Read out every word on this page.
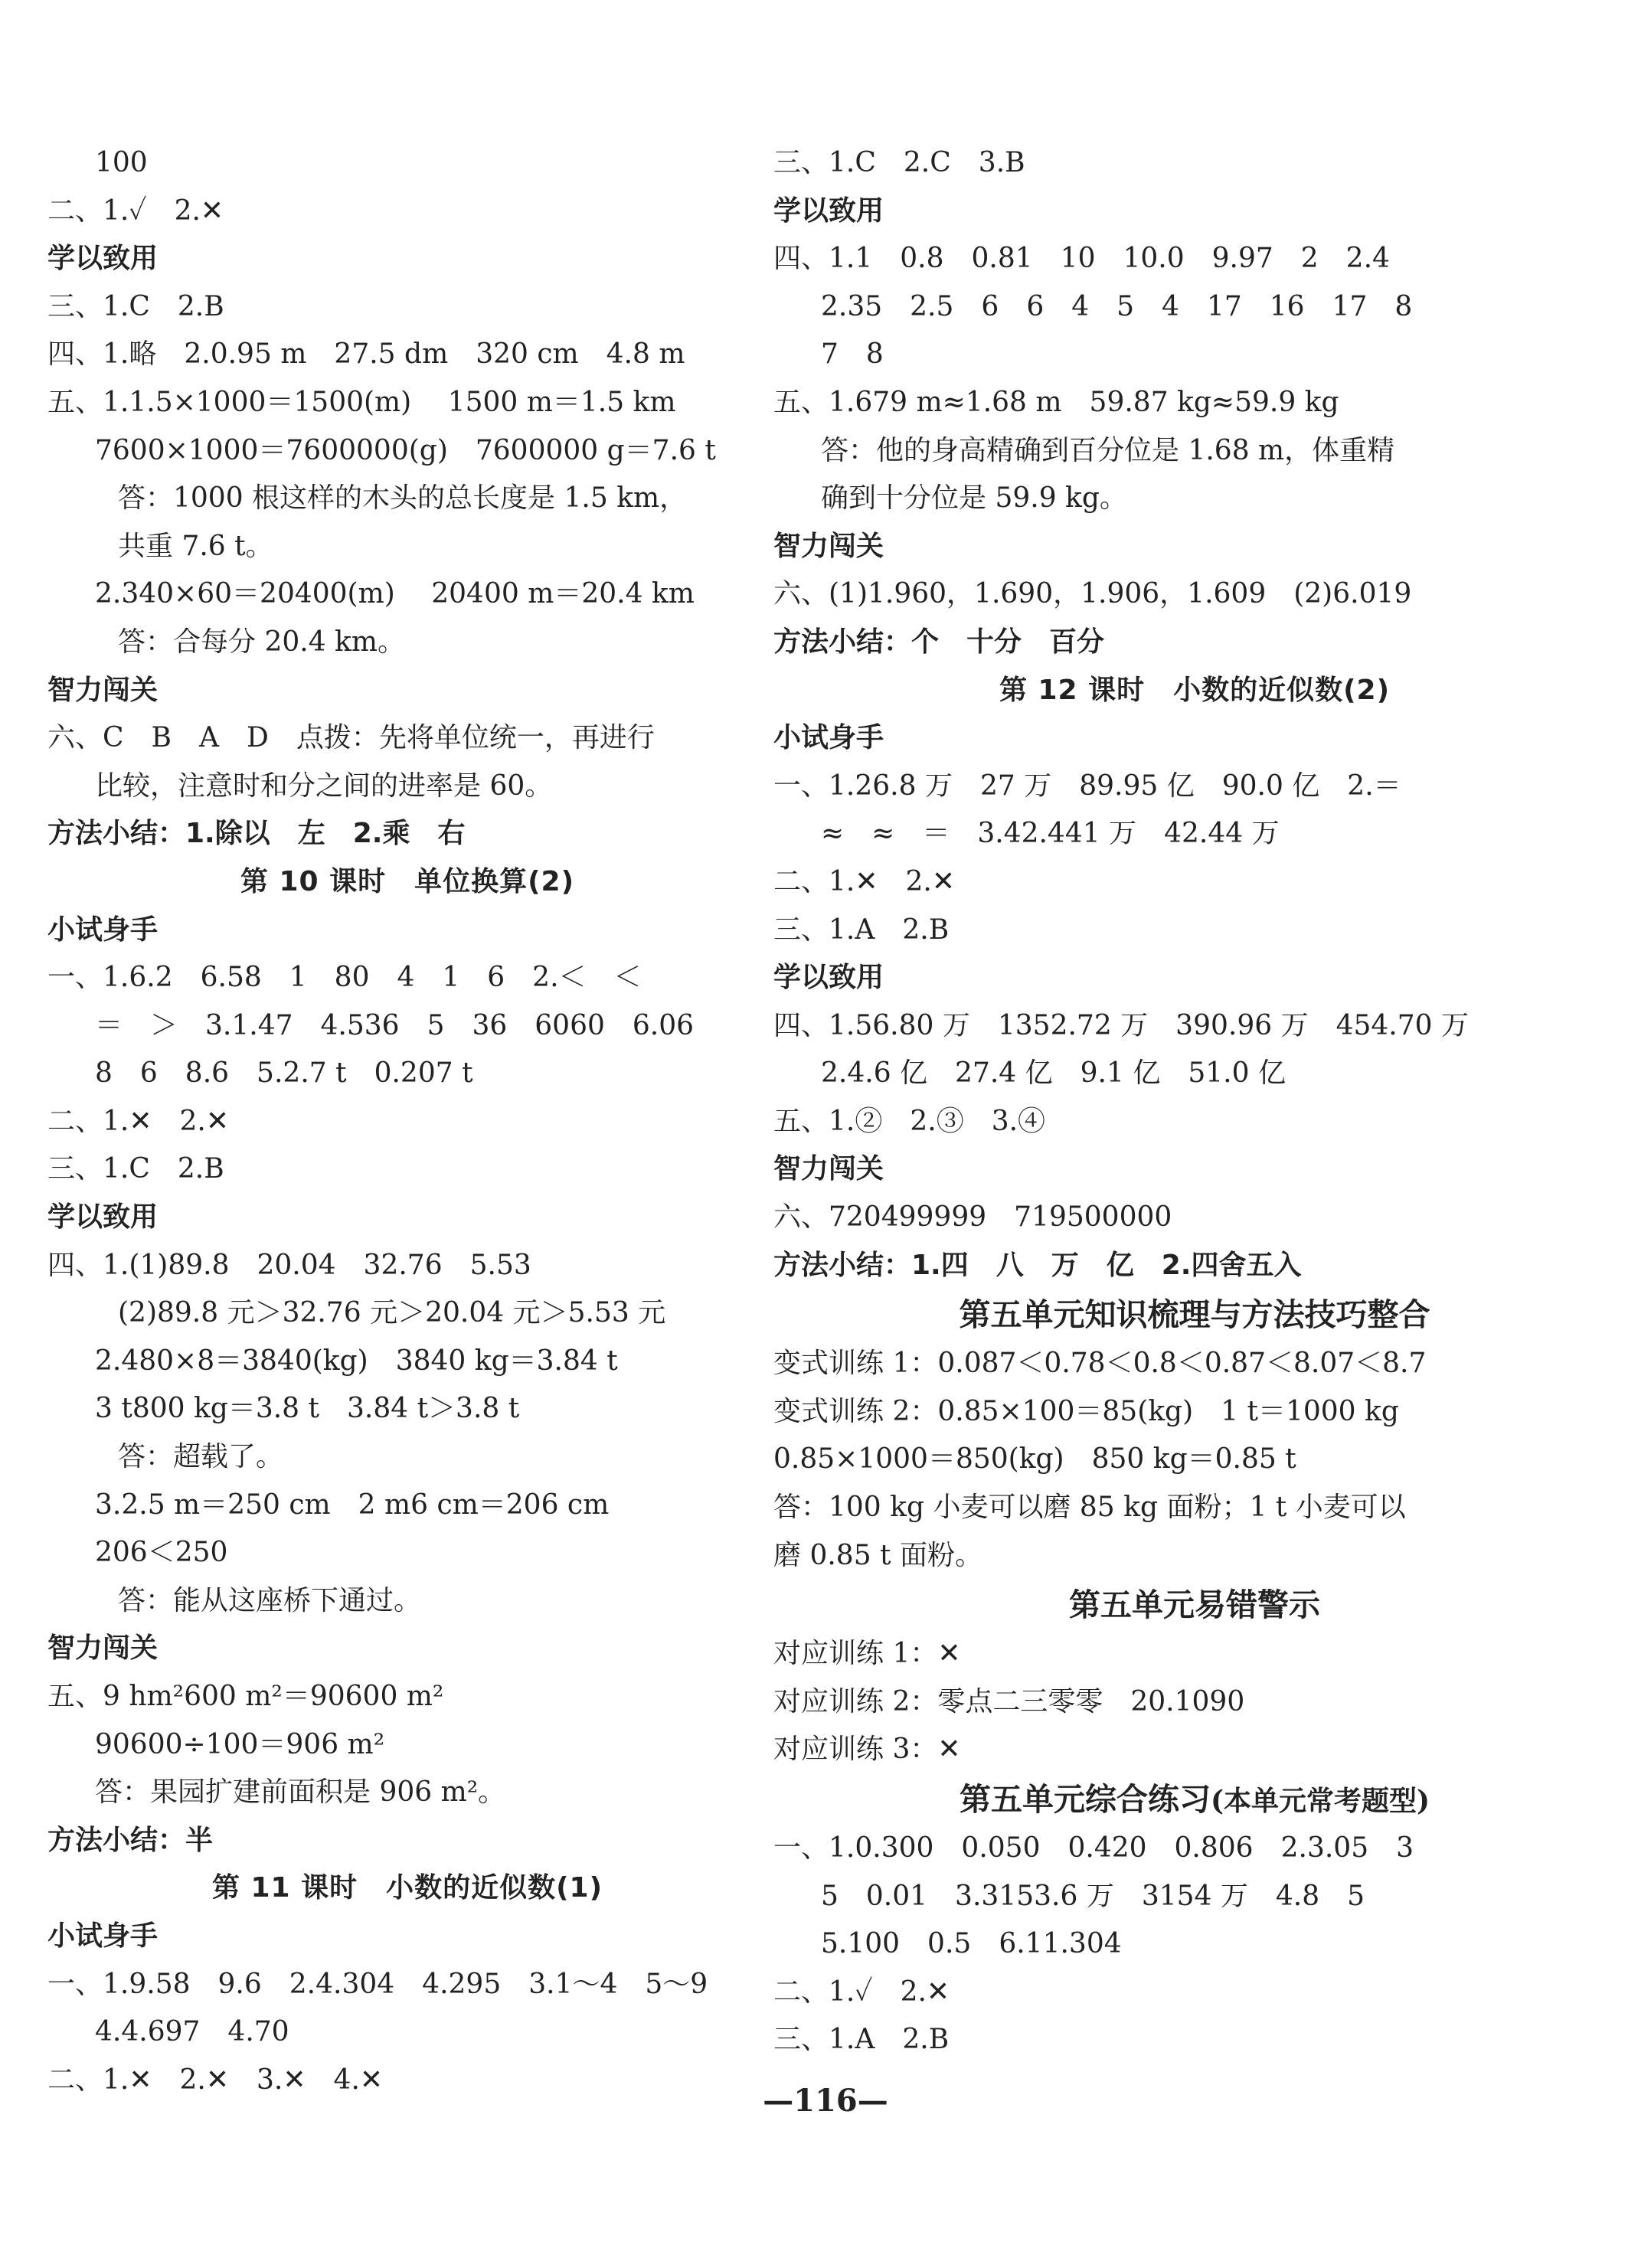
100
二、1.✓　2.✕
学以致用
三、1.C　2.B
四、1.略　2.0.95 m　27.5 dm　320 cm　4.8 m
五、1.1.5×1000＝1500(m)　 1500 m＝1.5 km
7600×1000＝7600000(g)　7600000 g＝7.6 t
答：1000 根这样的木头的总长度是 1.5 km，
共重 7.6 t。
2.340×60＝20400(m)　 20400 m＝20.4 km
答：合每分 20.4 km。
智力闯关
六、C　B　A　D　点拨：先将单位统一，再进行
比较，注意时和分之间的进率是 60。
方法小结：1.除以　左　2.乘　右
第 10 课时　单位换算(2)
小试身手
一、1.6.2　6.58　1　80　4　1　6　2.＜　＜
＝　＞　3.1.47　4.536　5　36　6060　6.06
8　6　8.6　5.2.7 t　0.207 t
二、1.✕　2.✕
三、1.C　2.B
学以致用
四、1.(1)89.8　20.04　32.76　5.53
(2)89.8 元＞32.76 元＞20.04 元＞5.53 元
2.480×8＝3840(kg)　3840 kg＝3.84 t
3 t800 kg＝3.8 t　3.84 t＞3.8 t
答：超载了。
3.2.5 m＝250 cm　2 m6 cm＝206 cm
206＜250
答：能从这座桥下通过。
智力闯关
五、9 hm²600 m²＝90600 m²
90600÷100＝906 m²
答：果园扩建前面积是 906 m²。
方法小结：半
第 11 课时　小数的近似数(1)
小试身手
一、1.9.58　9.6　2.4.304　4.295　3.1～4　5～9
4.4.697　4.70
二、1.✕　2.✕　3.✕　4.✕
三、1.C　2.C　3.B
学以致用
四、1.1　0.8　0.81　10　10.0　9.97　2　2.4
2.35　2.5　6　6　4　5　4　17　16　17　8
7　8
五、1.679 m≈1.68 m　59.87 kg≈59.9 kg
答：他的身高精确到百分位是 1.68 m，体重精
确到十分位是 59.9 kg。
智力闯关
六、(1)1.960，1.690，1.906，1.609　(2)6.019
方法小结：个　十分　百分
第 12 课时　小数的近似数(2)
小试身手
一、1.26.8 万　27 万　89.95 亿　90.0 亿　2.＝
≈　≈　＝　3.42.441 万　42.44 万
二、1.✕　2.✕
三、1.A　2.B
学以致用
四、1.56.80 万　1352.72 万　390.96 万　454.70 万
2.4.6 亿　27.4 亿　9.1 亿　51.0 亿
五、1.②　2.③　3.④
智力闯关
六、720499999　719500000
方法小结：1.四　八　万　亿　2.四舍五入
第五单元知识梳理与方法技巧整合
变式训练 1：0.087＜0.78＜0.8＜0.87＜8.07＜8.7
变式训练 2：0.85×100＝85(kg)　1 t＝1000 kg
0.85×1000＝850(kg)　850 kg＝0.85 t
答：100 kg 小麦可以磨 85 kg 面粉；1 t 小麦可以
磨 0.85 t 面粉。
第五单元易错警示
对应训练 1：✕
对应训练 2：零点二三零零　20.1090
对应训练 3：✕
第五单元综合练习(本单元常考题型)
一、1.0.300　0.050　0.420　0.806　2.3.05　3
5　0.01　3.3153.6 万　3154 万　4.8　5
5.100　0.5　6.11.304
二、1.✓　2.✕
三、1.A　2.B
—116—
